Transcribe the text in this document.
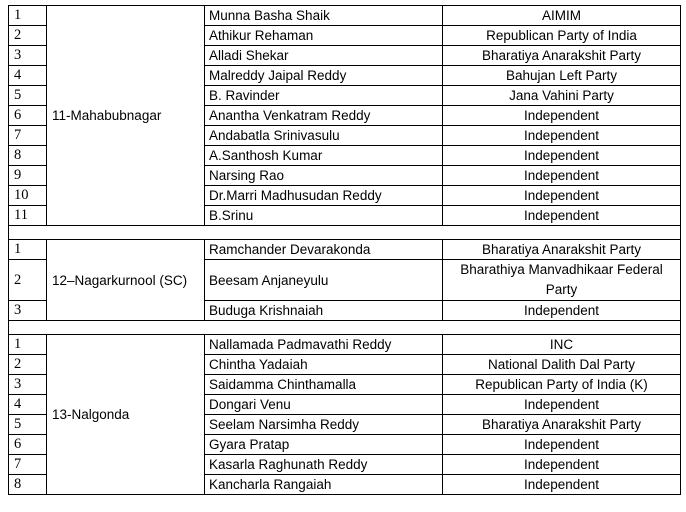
1	11-Mahabubnagar	Munna Basha Shaik	AIMIM
2		Athikur Rehaman	Republican Party of India
3		Alladi Shekar	Bharatiya Anarakshit Party
4		Malreddy Jaipal Reddy	Bahujan Left Party
5		B. Ravinder	Jana Vahini Party
6		Anantha Venkatram Reddy	Independent
7		Andabatla Srinivasulu	Independent
8		A.Santhosh Kumar	Independent
9		Narsing Rao	Independent
10		Dr.Marri Madhusudan Reddy	Independent
11		B.Srinu	Independent

1	12–Nagarkurnool (SC)	Ramchander Devarakonda	Bharatiya Anarakshit Party
2		Beesam Anjaneyulu	Bharathiya Manvadhikaar Federal Party
3		Buduga Krishnaiah	Independent

1	13-Nalgonda	Nallamada Padmavathi Reddy	INC
2		Chintha Yadaiah	National Dalith Dal Party
3		Saidamma Chinthamalla	Republican Party of India (K)
4		Dongari Venu	Independent
5		Seelam Narsimha Reddy	Bharatiya Anarakshit Party
6		Gyara Pratap	Independent
7		Kasarla Raghunath Reddy	Independent
8		Kancharla Rangaiah	Independent
